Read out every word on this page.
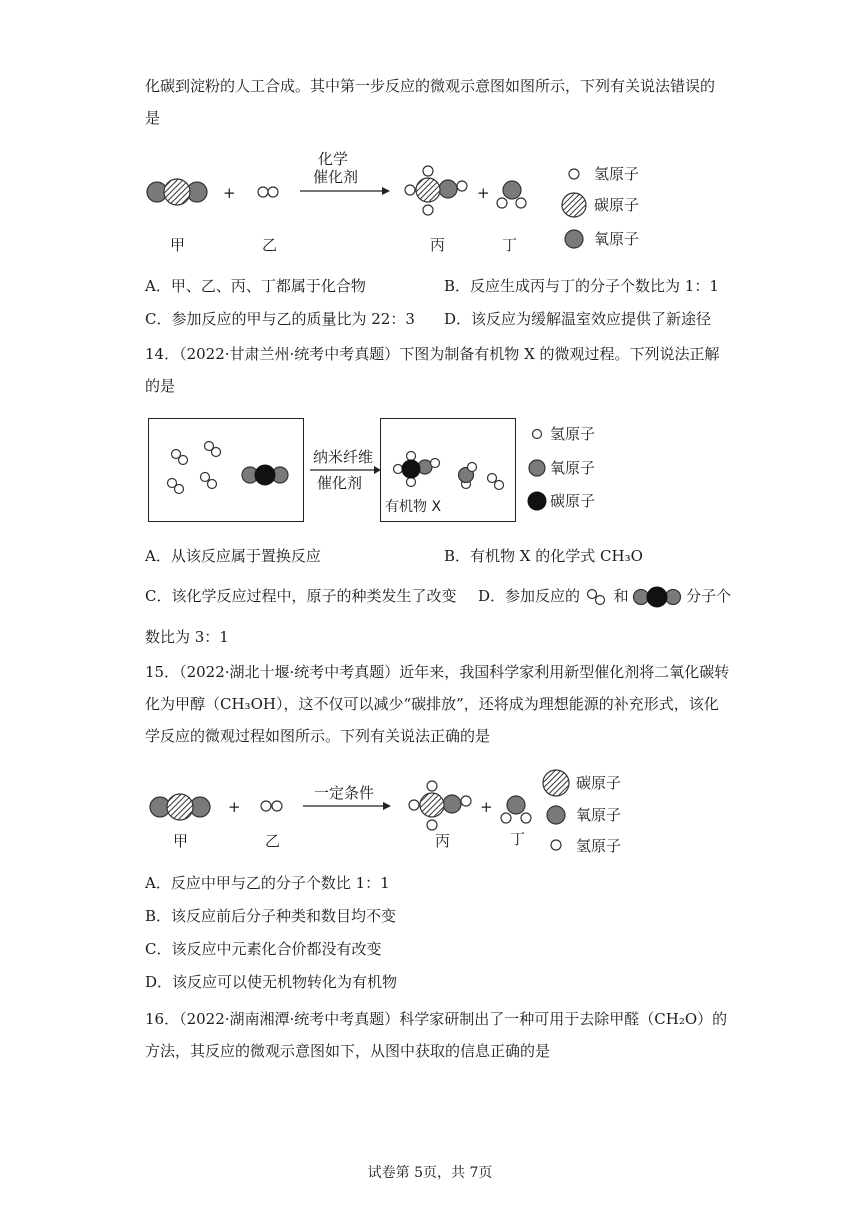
化碳到淀粉的人工合成。其中第一步反应的微观示意图如图所示，下列有关说法错误的
是
+
化学
催化剂
+
甲	乙	丙	丁
氢原子
碳原子
氧原子
A．甲、乙、丙、丁都属于化合物	B．反应生成丙与丁的分子个数比为 1：1
C．参加反应的甲与乙的质量比为 22：3 D．该反应为缓解温室效应提供了新途径
14．（2022·甘肃兰州·统考中考真题）下图为制备有机物 X 的微观过程。下列说法正解
的是
纳米纤维
催化剂
有机物 X
氢原子
氧原子
碳原子
A．从该反应属于置换反应	B．有机物 X 的化学式 CH₃O
C．该化学反应过程中，原子的种类发生了改变 D．参加反应的 和	分子个
数比为 3：1
15．（2022·湖北十堰·统考中考真题）近年来，我国科学家利用新型催化剂将二氧化碳转
化为甲醇（CH₃OH），这不仅可以减少“碳排放”，还将成为理想能源的补充形式，该化
学反应的微观过程如图所示。下列有关说法正确的是
+
一定条件
+
甲	乙	丙	丁
碳原子
氧原子
氢原子
A．反应中甲与乙的分子个数比 1：1
B．该反应前后分子种类和数目均不变
C．该反应中元素化合价都没有改变
D．该反应可以使无机物转化为有机物
16．（2022·湖南湘潭·统考中考真题）科学家研制出了一种可用于去除甲醛（CH₂O）的
方法，其反应的微观示意图如下，从图中获取的信息正确的是
试卷第 5页，共 7页
